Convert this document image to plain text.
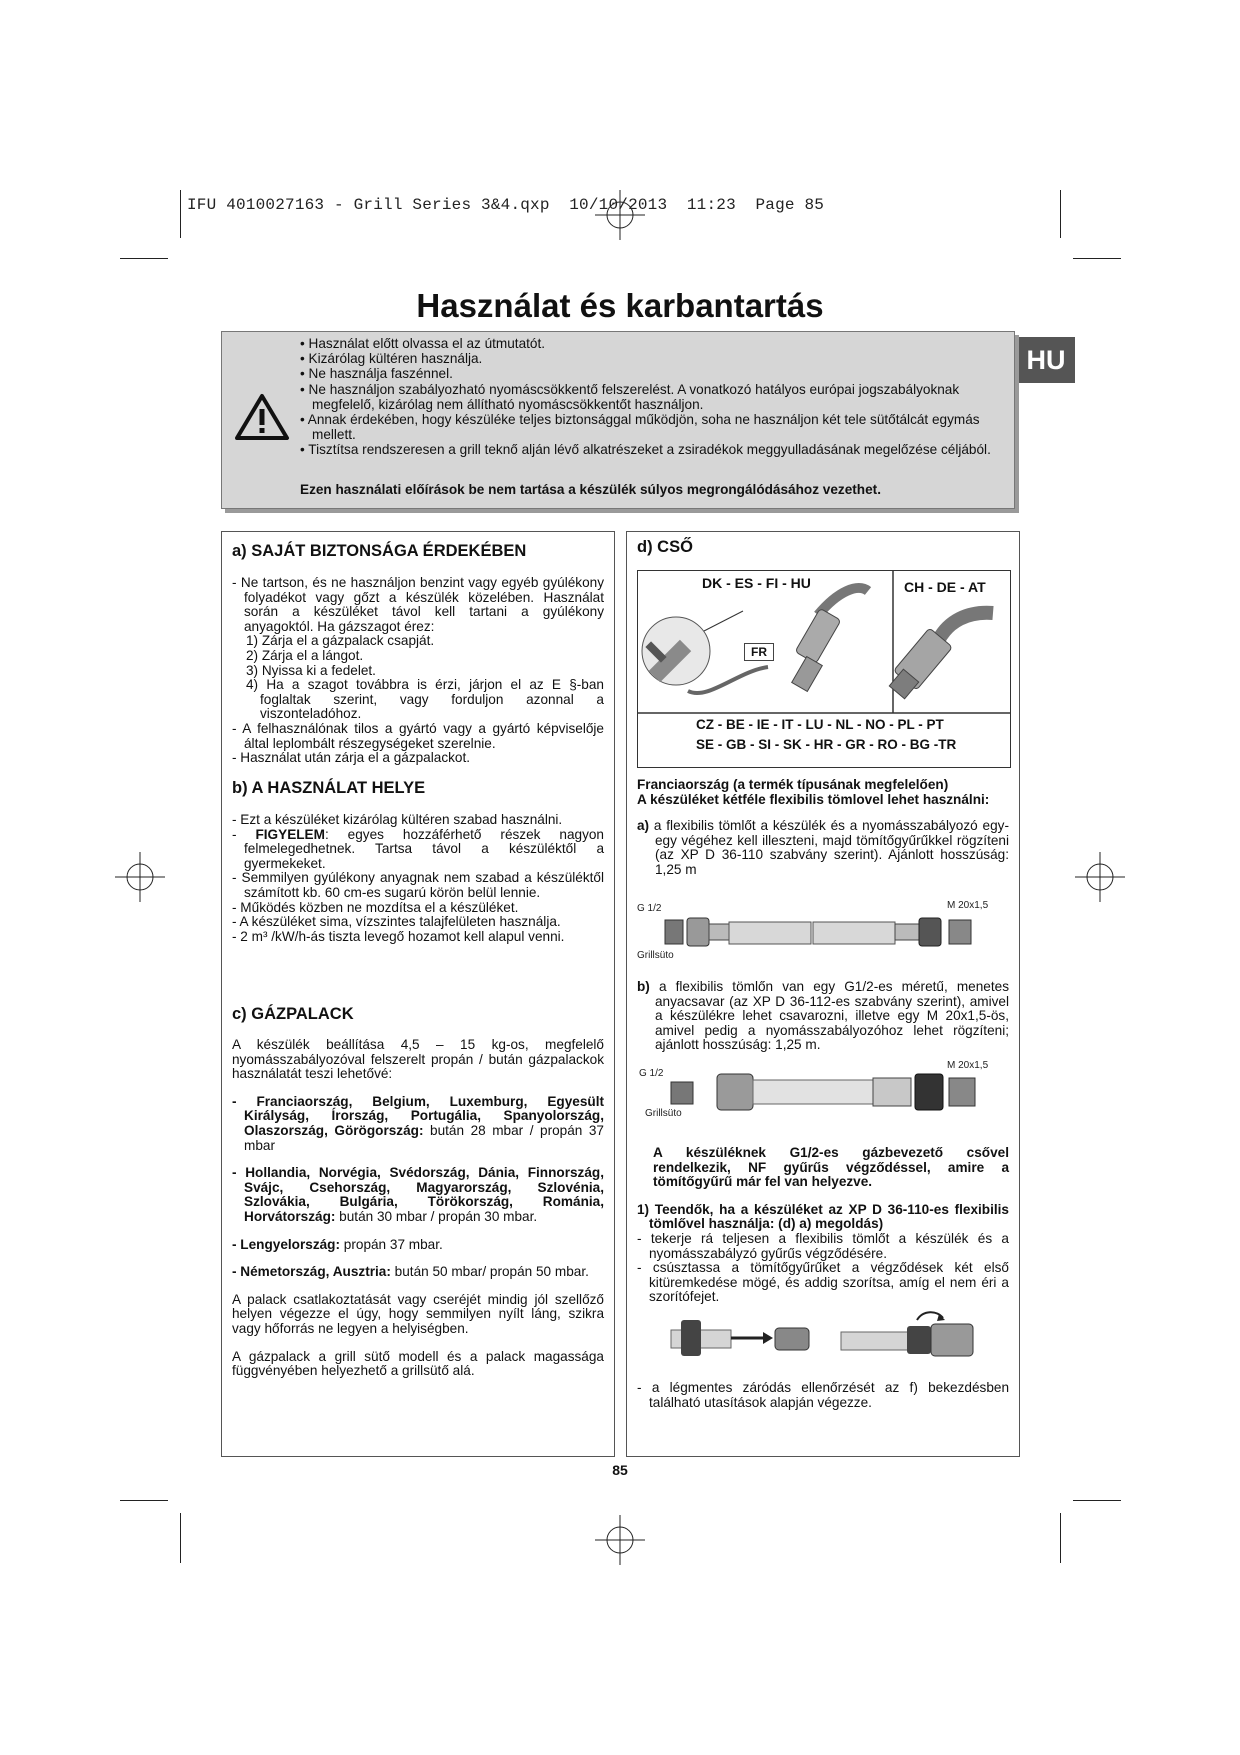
IFU 4010027163 - Grill Series 3&4.qxp  10/10/2013  11:23  Page 85
Használat és karbantartás
HU
• Használat előtt olvassa el az útmutatót.
• Kizárólag kültéren használja.
• Ne használja faszénnel.
• Ne használjon szabályozható nyomáscsökkentő felszerelést. A vonatkozó hatályos európai jogszabályoknak megfelelő, kizárólag nem állítható nyomáscsökkentőt használjon.
• Annak érdekében, hogy készüléke teljes biztonsággal működjön, soha ne használjon két tele sütőtálcát egymás mellett.
• Tisztítsa rendszeresen a grill teknő alján lévő alkatrészeket a zsiradékok meggyulladásának megelőzése céljából.
Ezen használati előírások be nem tartása a készülék súlyos megrongálódásához vezethet.
a) SAJÁT BIZTONSÁGA ÉRDEKÉBEN
- Ne tartson, és ne használjon benzint vagy egyéb gyúlékony folyadékot vagy gőzt a készülék közelében. Használat során a készüléket távol kell tartani a gyúlékony anyagoktól. Ha gázszagot érez:
1) Zárja el a gázpalack csapját.
2) Zárja el a lángot.
3) Nyissa ki a fedelet.
4) Ha a szagot továbbra is érzi, járjon el az E §-ban foglaltak szerint, vagy forduljon azonnal a viszonteladóhoz.
- A felhasználónak tilos a gyártó vagy a gyártó képviselője által leplombált részegységeket szerelnie.
- Használat után zárja el a gázpalackot.
b) A HASZNÁLAT HELYE
- Ezt a készüléket kizárólag kültéren szabad használni.
- FIGYELEM: egyes hozzáférhető részek nagyon felmelegedhetnek. Tartsa távol a készüléktől a gyermekeket.
- Semmilyen gyúlékony anyagnak nem szabad a készüléktől számított kb. 60 cm-es sugarú körön belül lennie.
- Működés közben ne mozdítsa el a készüléket.
- A készüléket sima, vízszintes talajfelületen használja.
- 2 m³ /kW/h-ás tiszta levegő hozamot kell alapul venni.
c) GÁZPALACK

A készülék beállítása 4,5 – 15 kg-os, megfelelő nyomásszabályozóval felszerelt propán / bután gázpalackok használatát teszi lehetővé:

- Franciaország, Belgium, Luxemburg, Egyesült Királyság, Írország, Portugália, Spanyolország, Olaszország, Görögország: bután 28 mbar / propán 37 mbar

- Hollandia, Norvégia, Svédország, Dánia, Finnország, Svájc, Csehország, Magyarország, Szlovénia, Szlovákia, Bulgária, Törökország, Románia, Horvátország: bután 30 mbar / propán 30 mbar.

- Lengyelország: propán 37 mbar.

- Németország, Ausztria: bután 50 mbar/ propán 50 mbar.

A palack csatlakoztatását vagy cseréjét mindig jól szellőző helyen végezze el úgy, hogy semmilyen nyílt láng, szikra vagy hőforrás ne legyen a helyiségben.

A gázpalack a grill sütő modell és a palack magassága függvényében helyezhető a grillsütő alá.

d) CSŐ
DK - ES - FI - HU	CH - DE - AT
FR
CZ - BE - IE - IT - LU - NL - NO - PL - PT
SE - GB - SI - SK - HR - GR - RO - BG -TR
Franciaország (a termék típusának megfelelően)
A készüléket kétféle flexibilis tömlovel lehet használni:
a) a flexibilis tömlőt a készülék és a nyomásszabályozó egy-egy végéhez kell illeszteni, majd tömítőgyűrűkkel rögzíteni (az XP D 36-110 szabvány szerint). Ajánlott hosszúság: 1,25 m
G 1/2	M 20x1,5
Grillsüto
b) a flexibilis tömlőn van egy G1/2-es méretű, menetes anyacsavar (az XP D 36-112-es szabvány szerint), amivel a készülékre lehet csavarozni, illetve egy M 20x1,5-ös, amivel pedig a nyomásszabályozóhoz lehet rögzíteni; ajánlott hosszúság: 1,25 m.
G 1/2
M 20x1,5
Grillsüto

A készüléknek G1/2-es gázbevezető csővel rendelkezik, NF gyűrűs végződéssel, amire a tömítőgyűrű már fel van helyezve.

1) Teendők, ha a készüléket az XP D 36-110-es flexibilis tömlővel használja: (d) a) megoldás)
- tekerje rá teljesen a flexibilis tömlőt a készülék és a nyomásszabályzó gyűrűs végződésére.
- csúsztassa a tömítőgyűrűket a végződések két első kitüremkedése mögé, és addig szorítsa, amíg el nem éri a szorítófejet.
- a légmentes záródás ellenőrzését az f) bekezdésben található utasítások alapján végezze.
85
